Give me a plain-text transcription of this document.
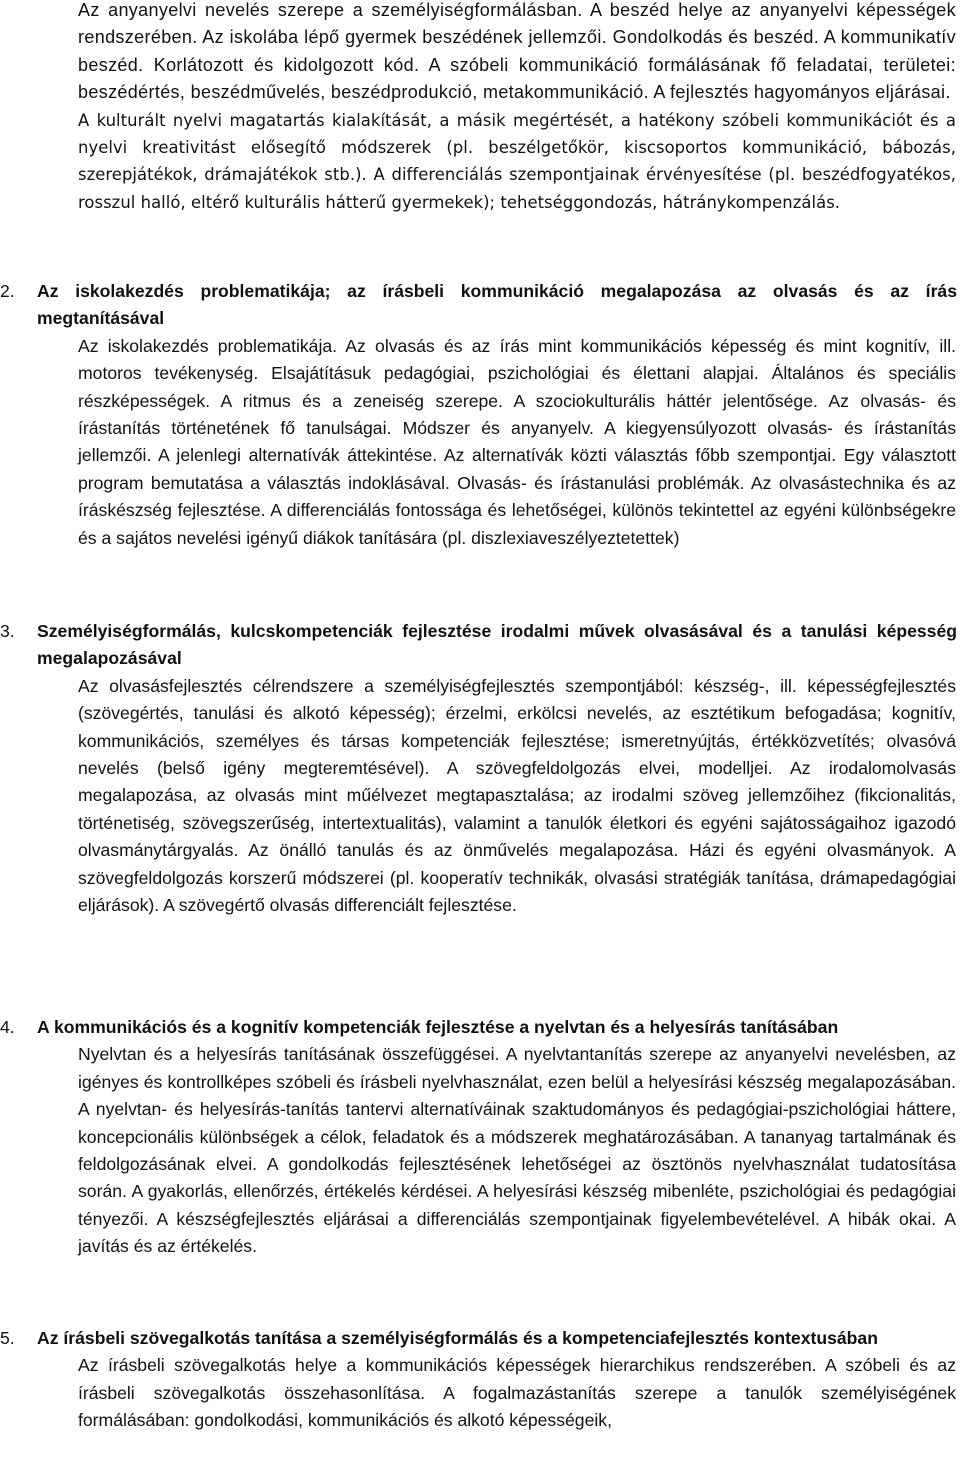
Az anyanyelvi nevelés szerepe a személyiségformálásban. A beszéd helye az anyanyelvi képességek rendszerében. Az iskolába lépő gyermek beszédének jellemzői. Gondolkodás és beszéd. A kommunikatív beszéd. Korlátozott és kidolgozott kód. A szóbeli kommunikáció formálásának fő feladatai, területei: beszédértés, beszédművelés, beszédprodukció, metakommunikáció. A fejlesztés hagyományos eljárásai.

A kulturált nyelvi magatartás kialakítását, a másik megértését, a hatékony szóbeli kommunikációt és a nyelvi kreativitást elősegítő módszerek (pl. beszélgetőkör, kiscsoportos kommunikáció, bábozás, szerepjátékok, drámajátékok stb.). A differenciálás szempontjainak érvényesítése (pl. beszédfogyatékos, rosszul halló, eltérő kulturális hátterű gyermekek); tehetséggondozás, hátránykompenzálás.

2.	Az iskolakezdés problematikája; az írásbeli kommunikáció megalapozása az olvasás és az írás megtanításával

Az iskolakezdés problematikája. Az olvasás és az írás mint kommunikációs képesség és mint kognitív, ill. motoros tevékenység. Elsajátításuk pedagógiai, pszichológiai és élettani alapjai. Általános és speciális részképességek. A ritmus és a zeneiség szerepe. A szociokulturális háttér jelentősége. Az olvasás- és írástanítás történetének fő tanulságai. Módszer és anyanyelv. A kiegyensúlyozott olvasás- és írástanítás jellemzői. A jelenlegi alternatívák áttekintése. Az alternatívák közti választás főbb szempontjai. Egy választott program bemutatása a választás indoklásával. Olvasás- és írástanulási problémák. Az olvasástechnika és az íráskészség fejlesztése. A differenciálás fontossága és lehetőségei, különös tekintettel az egyéni különbségekre és a sajátos nevelési igényű diákok tanítására (pl. diszlexiaveszélyeztetettek)

3.	Személyiségformálás, kulcskompetenciák fejlesztése irodalmi művek olvasásával és a tanulási képesség megalapozásával

Az olvasásfejlesztés célrendszere a személyiségfejlesztés szempontjából: készség-, ill. képességfejlesztés (szövegértés, tanulási és alkotó képesség); érzelmi, erkölcsi nevelés, az esztétikum befogadása; kognitív, kommunikációs, személyes és társas kompetenciák fejlesztése; ismeretnyújtás, értékközvetítés; olvasóvá nevelés (belső igény megteremtésével). A szövegfeldolgozás elvei, modelljei. Az irodalomolvasás megalapozása, az olvasás mint műélvezet megtapasztalása; az irodalmi szöveg jellemzőihez (fikcionalitás, történetiség, szövegszerűség, intertextualitás), valamint a tanulók életkori és egyéni sajátosságaihoz igazodó olvasmánytárgyalás. Az önálló tanulás és az önművelés megalapozása. Házi és egyéni olvasmányok. A szövegfeldolgozás korszerű módszerei (pl. kooperatív technikák, olvasási stratégiák tanítása, drámapedagógiai eljárások). A szövegértő olvasás differenciált fejlesztése.

4.	A kommunikációs és a kognitív kompetenciák fejlesztése a nyelvtan és a helyesírás tanításában

Nyelvtan és a helyesírás tanításának összefüggései. A nyelvtantanítás szerepe az anyanyelvi nevelésben, az igényes és kontrollképes szóbeli és írásbeli nyelvhasználat, ezen belül a helyesírási készség megalapozásában. A nyelvtan- és helyesírás-tanítás tantervi alternatíváinak szaktudományos és pedagógiai-pszichológiai háttere, koncepcionális különbségek a célok, feladatok és a módszerek meghatározásában. A tananyag tartalmának és feldolgozásának elvei. A gondolkodás fejlesztésének lehetőségei az ösztönös nyelvhasználat tudatosítása során. A gyakorlás, ellenőrzés, értékelés kérdései. A helyesírási készség mibenléte, pszichológiai és pedagógiai tényezői. A készségfejlesztés eljárásai a differenciálás szempontjainak figyelembevételével. A hibák okai. A javítás és az értékelés.

5.	Az írásbeli szövegalkotás tanítása a személyiségformálás és a kompetenciafejlesztés kontextusában

Az írásbeli szövegalkotás helye a kommunikációs képességek hierarchikus rendszerében. A szóbeli és az írásbeli szövegalkotás összehasonlítása. A fogalmazástanítás szerepe a tanulók személyiségének formálásában: gondolkodási, kommunikációs és alkotó képességeik,
